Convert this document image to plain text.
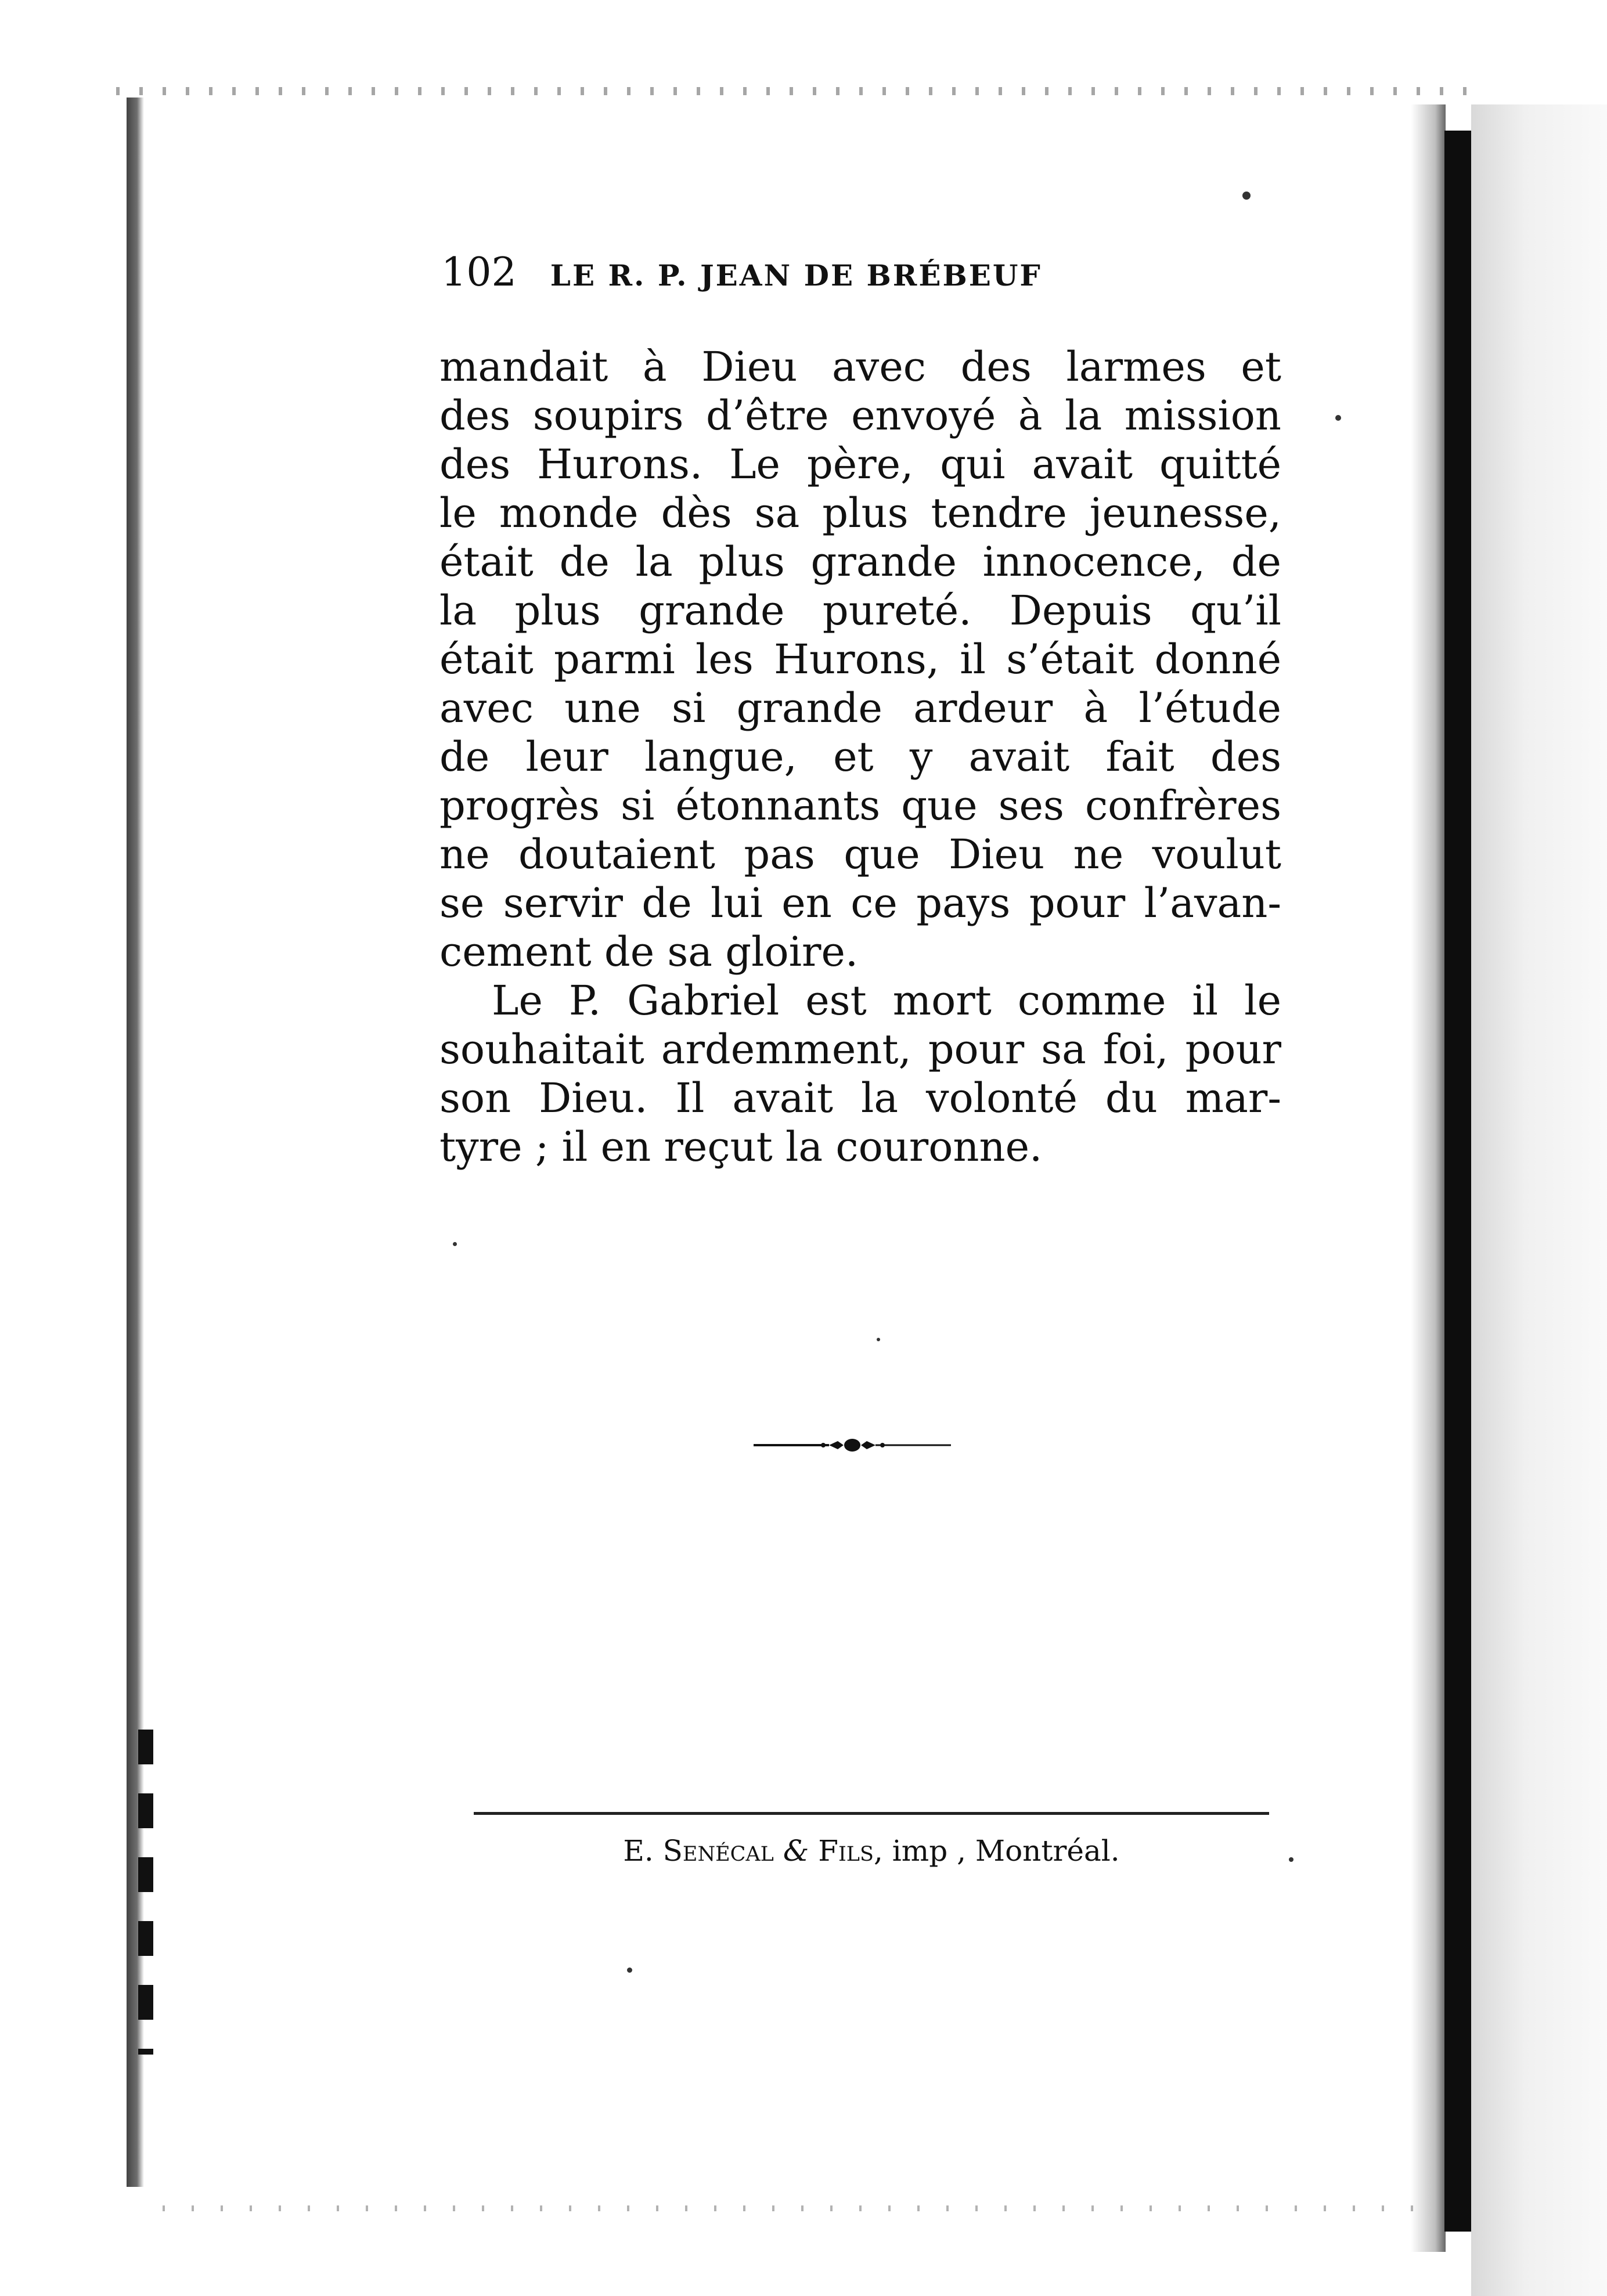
102 LE R. P. JEAN DE BRÉBEUF
mandait à Dieu avec des larmes et
des soupirs d’être envoyé à la mission
des Hurons. Le père, qui avait quitté
le monde dès sa plus tendre jeunesse,
était de la plus grande innocence, de
la plus grande pureté. Depuis qu’il
était parmi les Hurons, il s’était donné
avec une si grande ardeur à l’étude
de leur langue, et y avait fait des
progrès si étonnants que ses confrères
ne doutaient pas que Dieu ne voulut
se servir de lui en ce pays pour l’avan-
cement de sa gloire.
Le P. Gabriel est mort comme il le
souhaitait ardemment, pour sa foi, pour
son Dieu. Il avait la volonté du mar-
tyre ; il en reçut la couronne.
E. Senécal & Fils, imp , Montréal.
